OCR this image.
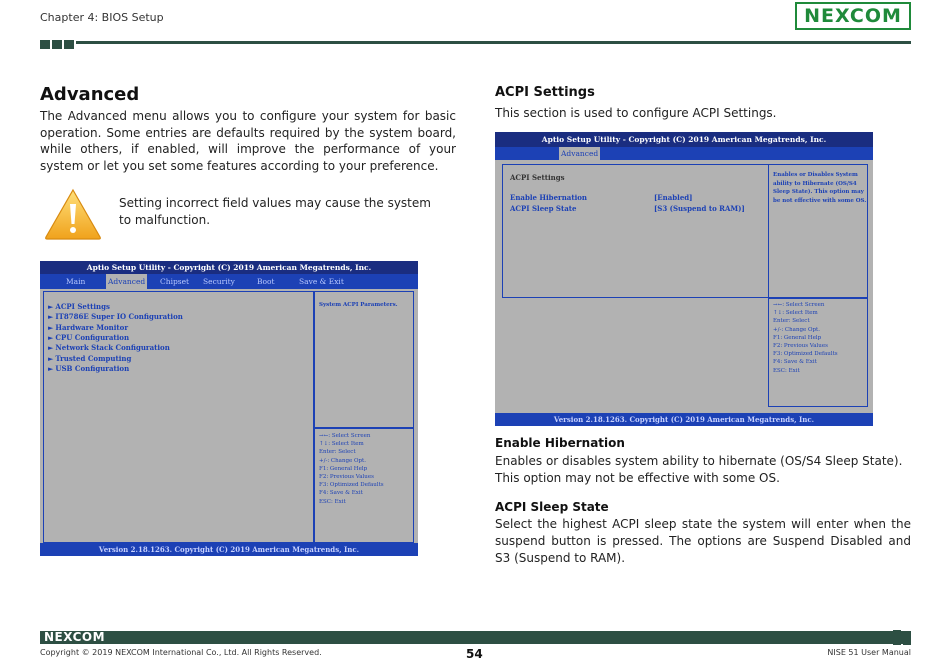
Chapter 4: BIOS Setup	NEXCOM
Advanced
The Advanced menu allows you to configure your system for basic operation. Some entries are defaults required by the system board, while others, if enabled, will improve the performance of your system or let you set some features according to your preference.
Setting incorrect field values may cause the system to malfunction.
Aptio Setup Utility - Copyright (C) 2019 American Megatrends, Inc.
Main	Advanced Chipset Security	Boot	Save & Exit
► ACPI Settings
► IT8786E Super IO Configuration
► Hardware Monitor
► CPU Configuration
► Network Stack Configuration
► Trusted Computing
► USB Configuration
System ACPI Parameters.
→←: Select Screen
↑↓: Select Item
Enter: Select
+/-: Change Opt.
F1: General Help
F2: Previous Values
F3: Optimized Defaults
F4: Save & Exit
ESC: Exit
Version 2.18.1263. Copyright (C) 2019 American Megatrends, Inc.
ACPI Settings
This section is used to configure ACPI Settings.
Aptio Setup Utility - Copyright (C) 2019 American Megatrends, Inc.
Advanced
ACPI Settings
Enable Hibernation	[Enabled]
ACPI Sleep State	[S3 (Suspend to RAM)]
Enables or Disables System
ability to Hibernate (OS/S4
Sleep State). This option may
be not effective with some OS.
→←: Select Screen
↑↓: Select Item
Enter: Select
+/-: Change Opt.
F1: General Help
F2: Previous Values
F3: Optimized Defaults
F4: Save & Exit
ESC: Exit
Version 2.18.1263. Copyright (C) 2019 American Megatrends, Inc.
Enable Hibernation
Enables or disables system ability to hibernate (OS/S4 Sleep State). This option may not be effective with some OS.
ACPI Sleep State
Select the highest ACPI sleep state the system will enter when the suspend button is pressed. The options are Suspend Disabled and S3 (Suspend to RAM).
NEXCOM
Copyright © 2019 NEXCOM International Co., Ltd. All Rights Reserved.	54	NISE 51 User Manual
